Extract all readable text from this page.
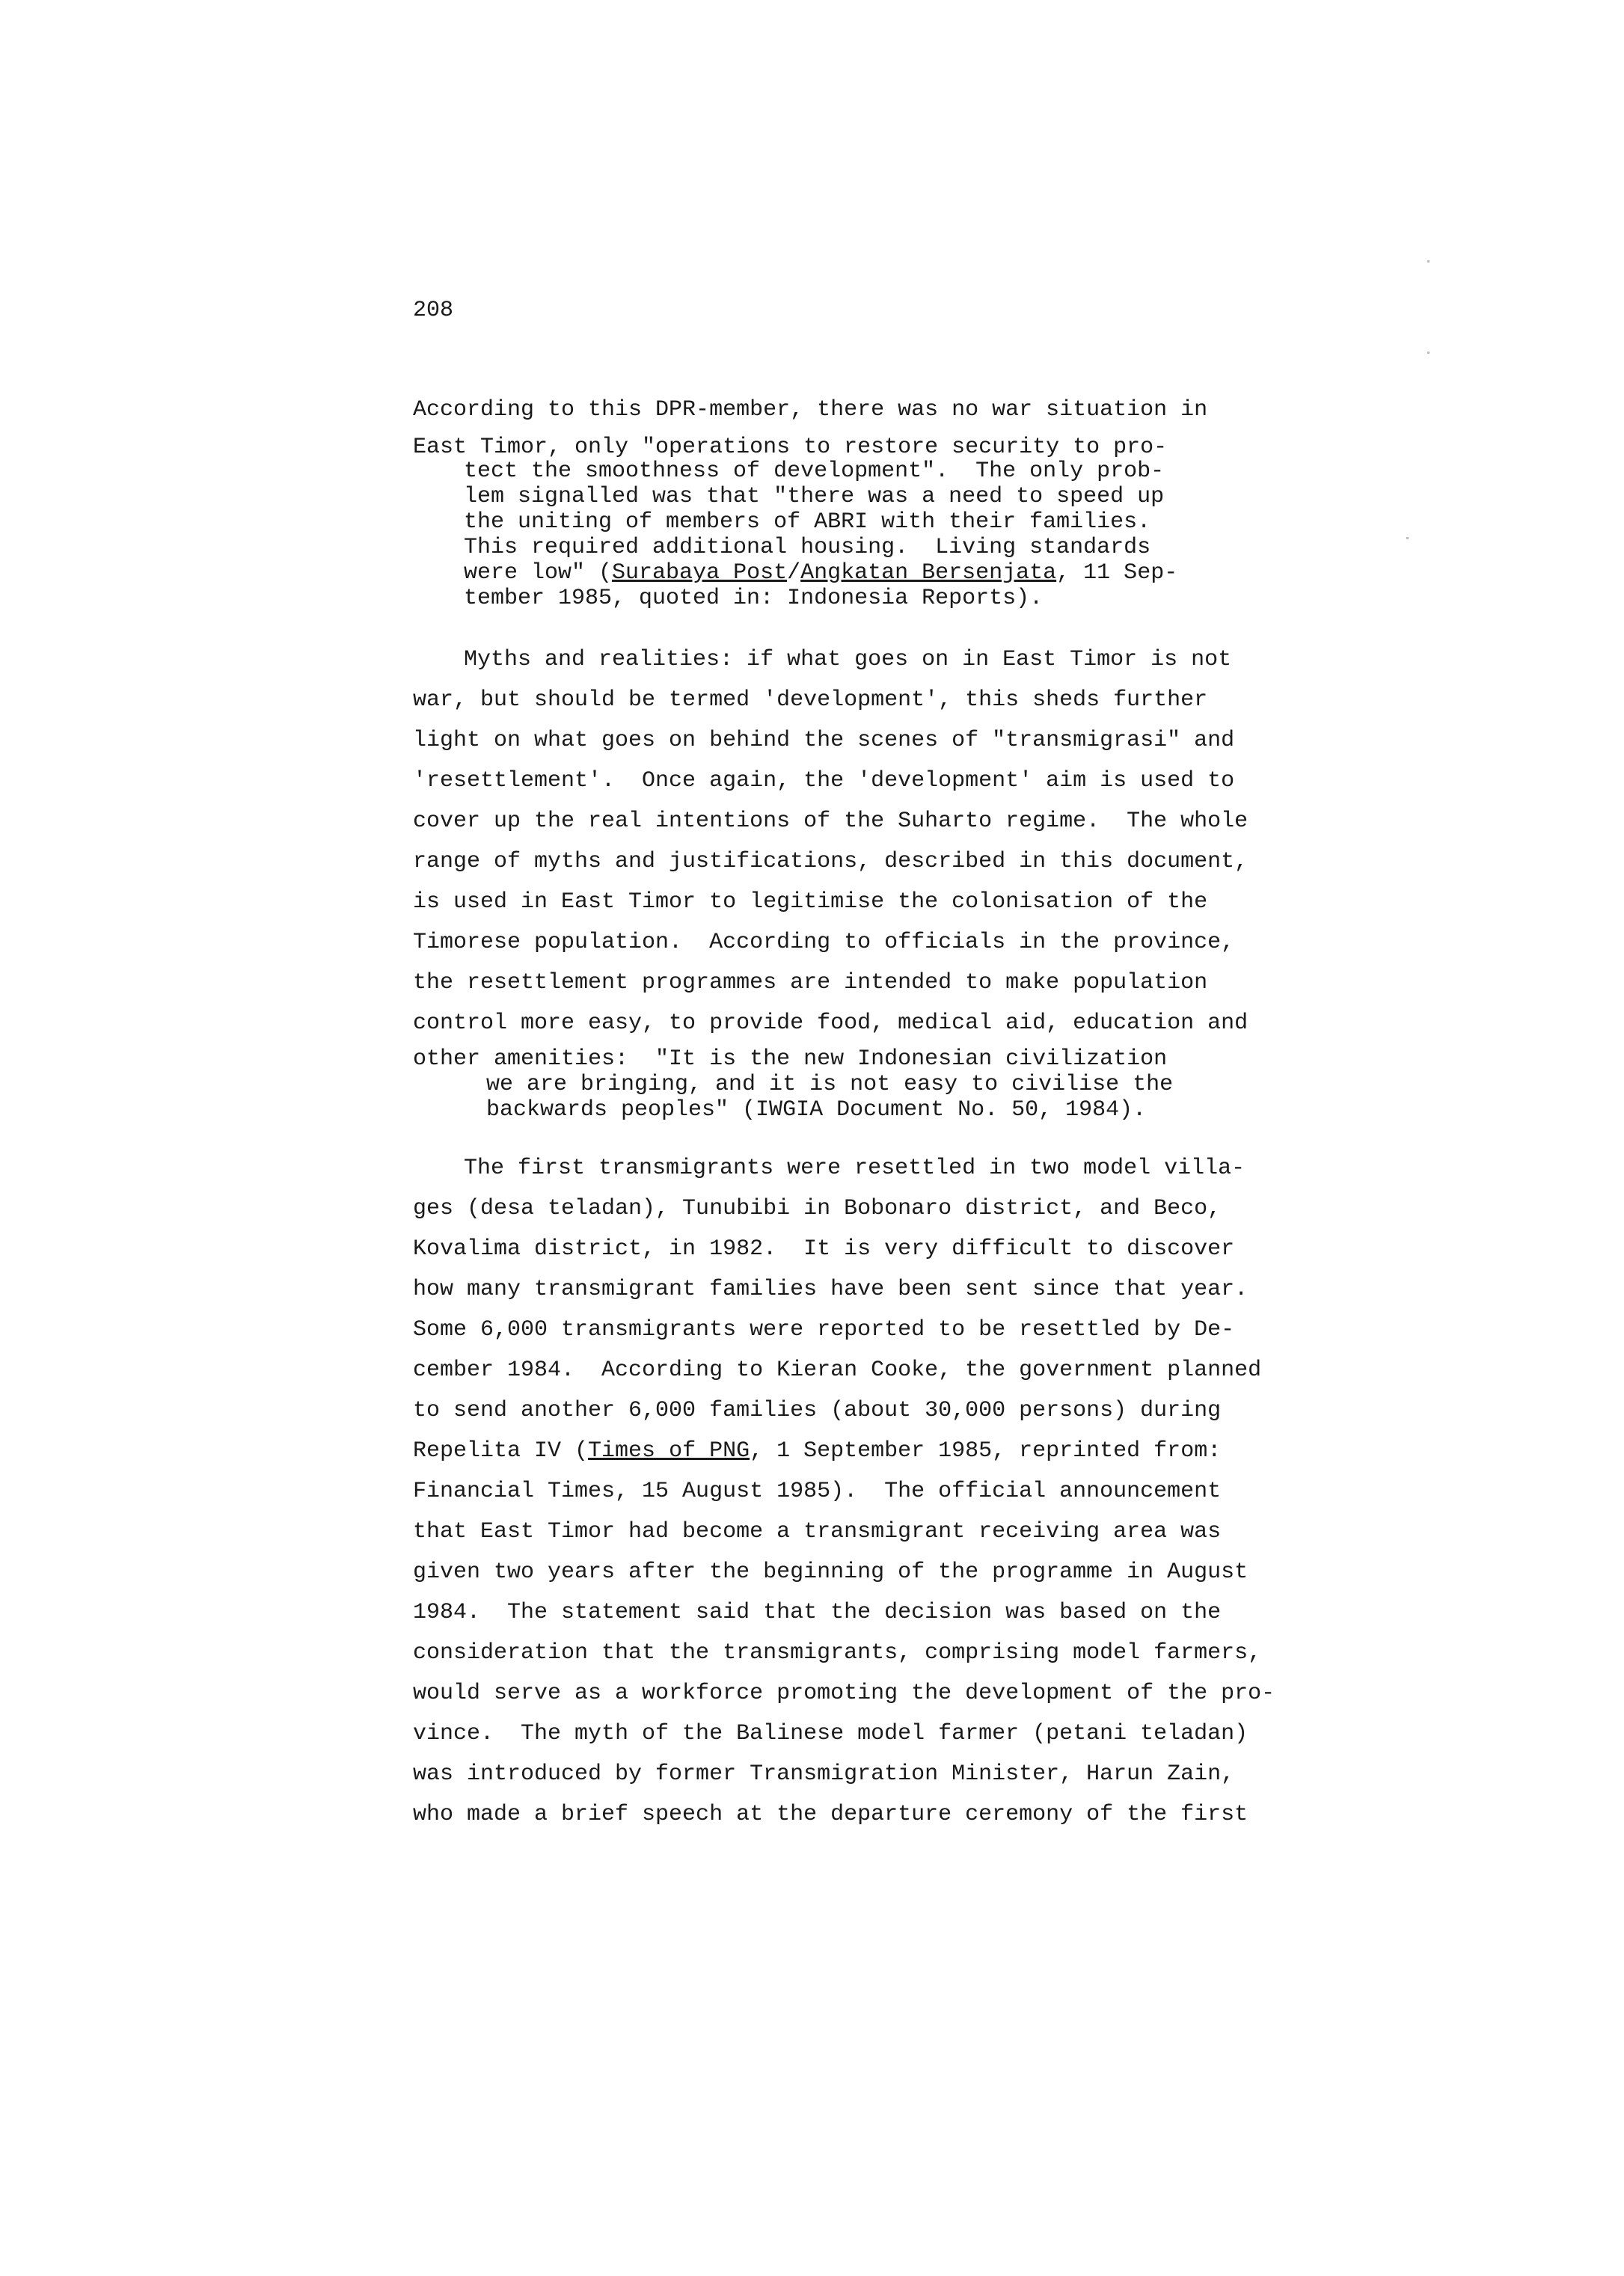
208
According to this DPR-member, there was no war situation in
East Timor, only "operations to restore security to pro-
tect the smoothness of development".  The only prob-
lem signalled was that "there was a need to speed up
the uniting of members of ABRI with their families.
This required additional housing.  Living standards
were low" (Surabaya Post/Angkatan Bersenjata, 11 Sep-
tember 1985, quoted in: Indonesia Reports).
Myths and realities: if what goes on in East Timor is not
war, but should be termed 'development', this sheds further
light on what goes on behind the scenes of "transmigrasi" and
'resettlement'.  Once again, the 'development' aim is used to
cover up the real intentions of the Suharto regime.  The whole
range of myths and justifications, described in this document,
is used in East Timor to legitimise the colonisation of the
Timorese population.  According to officials in the province,
the resettlement programmes are intended to make population
control more easy, to provide food, medical aid, education and
other amenities:  "It is the new Indonesian civilization
we are bringing, and it is not easy to civilise the
backwards peoples" (IWGIA Document No. 50, 1984).
The first transmigrants were resettled in two model villa-
ges (desa teladan), Tunubibi in Bobonaro district, and Beco,
Kovalima district, in 1982.  It is very difficult to discover
how many transmigrant families have been sent since that year.
Some 6,000 transmigrants were reported to be resettled by De-
cember 1984.  According to Kieran Cooke, the government planned
to send another 6,000 families (about 30,000 persons) during
Repelita IV (Times of PNG, 1 September 1985, reprinted from:
Financial Times, 15 August 1985).  The official announcement
that East Timor had become a transmigrant receiving area was
given two years after the beginning of the programme in August
1984.  The statement said that the decision was based on the
consideration that the transmigrants, comprising model farmers,
would serve as a workforce promoting the development of the pro-
vince.  The myth of the Balinese model farmer (petani teladan)
was introduced by former Transmigration Minister, Harun Zain,
who made a brief speech at the departure ceremony of the first
